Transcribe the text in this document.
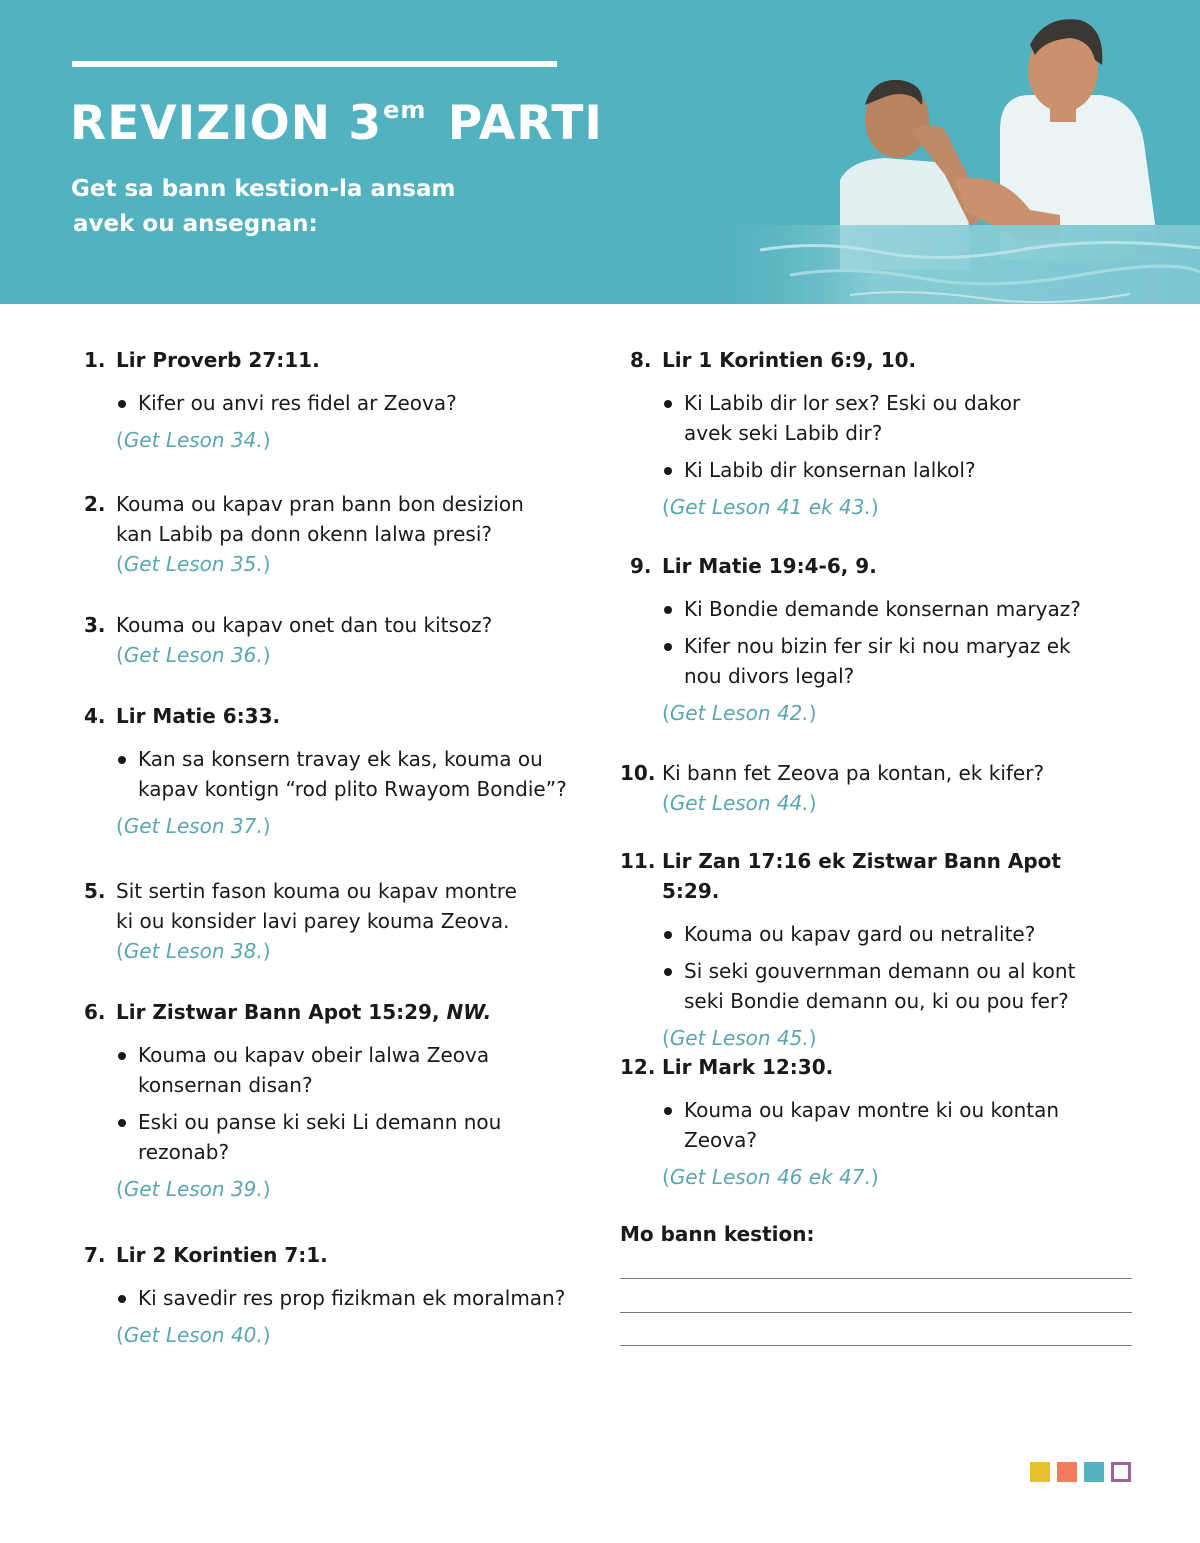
REVIZION $3^{em}$ PARTI
Get sa bann kestion-la ansam
avek ou ansegnan:
1. Lir Proverb 27:11.
Kifer ou anvi res fidel ar Zeova?
(Get Leson 34.)
2. Kouma ou kapav pran bann bon desizion
kan Labib pa donn okenn lalwa presi?
(Get Leson 35.)
3. Kouma ou kapav onet dan tou kitsoz?
(Get Leson 36.)
4. Lir Matie 6:33.
Kan sa konsern travay ek kas, kouma ou kapav kontign “rod plito Rwayom Bondie”?
(Get Leson 37.)
5. Sit sertin fason kouma ou kapav montre
ki ou konsider lavi parey kouma Zeova.
(Get Leson 38.)
6. Lir Zistwar Bann Apot 15:29, NW.
Kouma ou kapav obeir lalwa Zeova konsernan disan?
Eski ou panse ki seki Li demann nou rezonab?
(Get Leson 39.)
7. Lir 2 Korintien 7:1.
Ki savedir res prop fizikman ek moralman?
(Get Leson 40.)
8. Lir 1 Korintien 6:9, 10.
Ki Labib dir lor sex? Eski ou dakor avek seki Labib dir?
Ki Labib dir konsernan lalkol?
(Get Leson 41 ek 43.)
9. Lir Matie 19:4-6, 9.
Ki Bondie demande konsernan maryaz?
Kifer nou bizin fer sir ki nou maryaz ek nou divors legal?
(Get Leson 42.)
10. Ki bann fet Zeova pa kontan, ek kifer?
(Get Leson 44.)
11. Lir Zan 17:16 ek Zistwar Bann Apot 5:29.
Kouma ou kapav gard ou netralite?
Si seki gouvernman demann ou al kont seki Bondie demann ou, ki ou pou fer?
(Get Leson 45.)
12. Lir Mark 12:30.
Kouma ou kapav montre ki ou kontan Zeova?
(Get Leson 46 ek 47.)
Mo bann kestion:
